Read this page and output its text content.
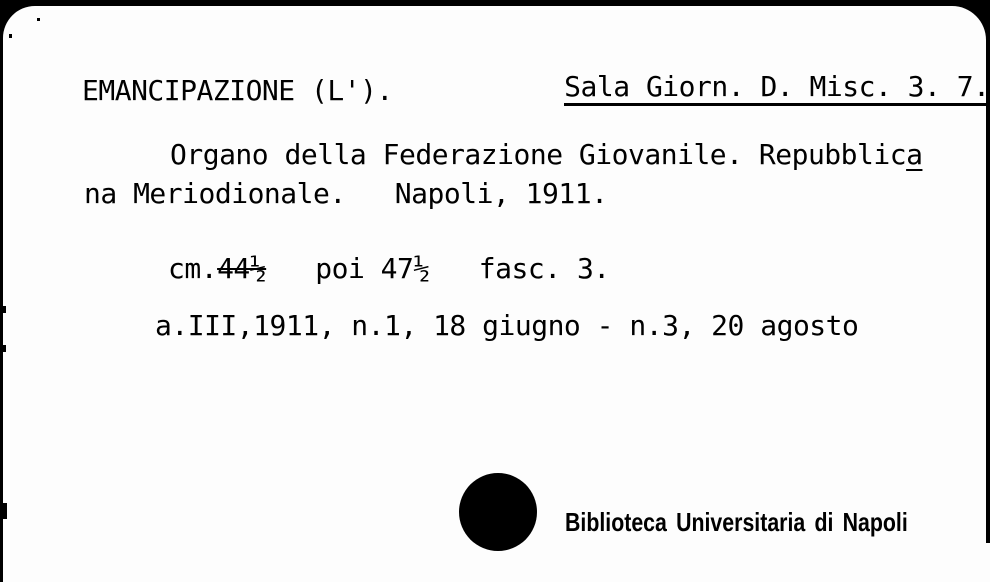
Sala Giorn. D. Misc. 3. 7.

EMANCIPAZIONE (L').
Organo della Federazione Giovanile. Repubblica
na Meriodionale.   Napoli, 1911.
cm.44½   poi 47½   fasc. 3.
a.III,1911, n.1, 18 giugno - n.3, 20 agosto
Biblioteca Universitaria di Napoli
